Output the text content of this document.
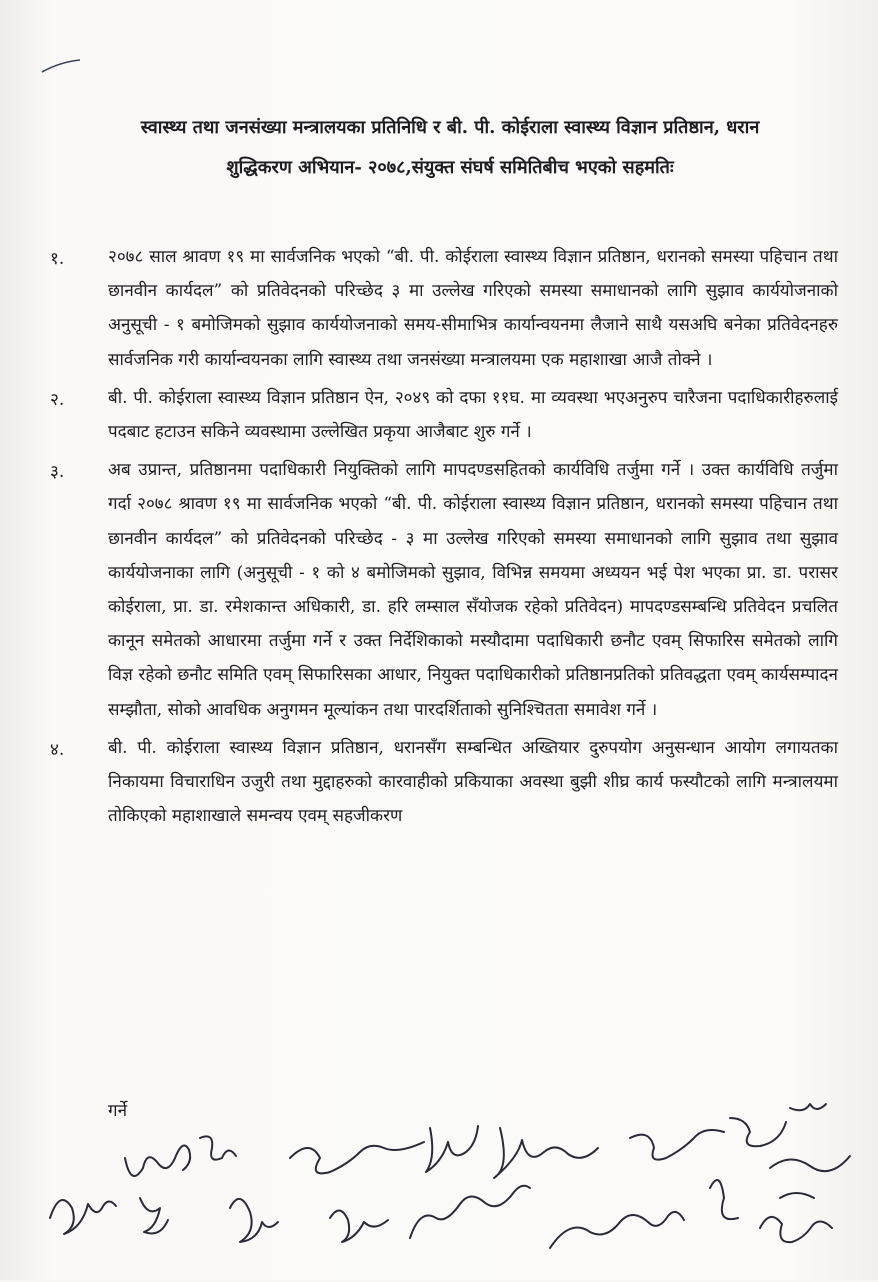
स्वास्थ्य तथा जनसंख्या मन्त्रालयका प्रतिनिधि र बी. पी. कोईराला स्वास्थ्य विज्ञान प्रतिष्ठान, धरान
शुद्धिकरण अभियान- २०७८,संयुक्त संघर्ष समितिबीच भएको सहमतिः
१.	२०७८ साल श्रावण १९ मा सार्वजनिक भएको “बी. पी. कोईराला स्वास्थ्य विज्ञान प्रतिष्ठान, धरानको समस्या पहिचान तथा छानवीन कार्यदल” को प्रतिवेदनको परिच्छेद ३ मा उल्लेख गरिएको समस्या समाधानको लागि सुझाव कार्ययोजनाको अनुसूची - १ बमोजिमको सुझाव कार्ययोजनाको समय-सीमाभित्र कार्यान्वयनमा लैजाने साथै यसअघि बनेका प्रतिवेदनहरु सार्वजनिक गरी कार्यान्वयनका लागि स्वास्थ्य तथा जनसंख्या मन्त्रालयमा एक महाशाखा आजै तोक्ने ।
२.	बी. पी. कोईराला स्वास्थ्य विज्ञान प्रतिष्ठान ऐन, २०४९ को दफा ११घ. मा व्यवस्था भएअनुरुप चारैजना पदाधिकारीहरुलाई पदबाट हटाउन सकिने व्यवस्थामा उल्लेखित प्रकृया आजैबाट शुरु गर्ने ।
३.	अब उप्रान्त, प्रतिष्ठानमा पदाधिकारी नियुक्तिको लागि मापदण्डसहितको कार्यविधि तर्जुमा गर्ने । उक्त कार्यविधि तर्जुमा गर्दा २०७८ श्रावण १९ मा सार्वजनिक भएको “बी. पी. कोईराला स्वास्थ्य विज्ञान प्रतिष्ठान, धरानको समस्या पहिचान तथा छानवीन कार्यदल” को प्रतिवेदनको परिच्छेद - ३ मा उल्लेख गरिएको समस्या समाधानको लागि सुझाव तथा सुझाव कार्ययोजनाका लागि (अनुसूची - १ को ४ बमोजिमको सुझाव, विभिन्न समयमा अध्ययन भई पेश भएका प्रा. डा. परासर कोईराला, प्रा. डा. रमेशकान्त अधिकारी, डा. हरि लम्साल सँयोजक रहेको प्रतिवेदन) मापदण्डसम्बन्धि प्रतिवेदन प्रचलित कानून समेतको आधारमा तर्जुमा गर्ने र उक्त निर्देशिकाको मस्यौदामा पदाधिकारी छनौट एवम् सिफारिस समेतको लागि विज्ञ रहेको छनौट समिति एवम् सिफारिसका आधार, नियुक्त पदाधिकारीको प्रतिष्ठानप्रतिको प्रतिवद्धता एवम् कार्यसम्पादन सम्झौता, सोको आवधिक अनुगमन मूल्यांकन तथा पारदर्शिताको सुनिश्चितता समावेश गर्ने ।
४.	बी. पी. कोईराला स्वास्थ्य विज्ञान प्रतिष्ठान, धरानसँग सम्बन्धित अख्तियार दुरुपयोग अनुसन्धान आयोग लगायतका निकायमा विचाराधिन उजुरी तथा मुद्दाहरुको कारवाहीको प्रकियाका अवस्था बुझी शीघ्र कार्य फस्यौटको लागि मन्त्रालयमा तोकिएको महाशाखाले समन्वय एवम् सहजीकरण
गर्ने
